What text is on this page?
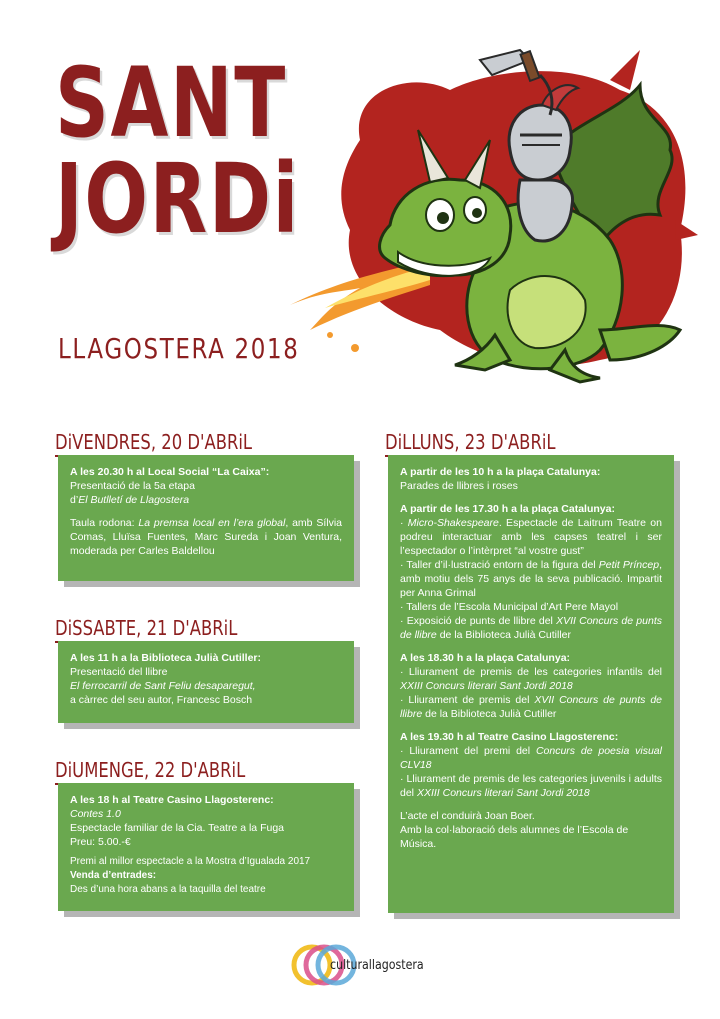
SANT
JORDi
LLAGOSTERA 2018
DiVENDRES, 20 D'ABRiL

A les 20.30 h al Local Social “La Caixa”:

Presentació de la 5a etapa

d’El Butlletí de Llagostera

Taula rodona: La premsa local en l’era global, amb Sílvia Comas, Lluïsa Fuentes, Marc Sureda i Joan Ventura, moderada per Carles Baldellou

DiSSABTE, 21 D'ABRiL

A les 11 h a la Biblioteca Julià Cutiller:

Presentació del llibre

El ferrocarril de Sant Feliu desaparegut,

a càrrec del seu autor, Francesc Bosch

DiUMENGE, 22 D'ABRiL

A les 18 h al Teatre Casino Llagosterenc:

Contes 1.0

Espectacle familiar de la Cia. Teatre a la Fuga

Preu: 5.00.-€

Premi al millor espectacle a la Mostra d’Igualada 2017

Venda d’entrades:

Des d’una hora abans a la taquilla del teatre

DiLLUNS, 23 D'ABRiL

A partir de les 10 h a la plaça Catalunya:

Parades de llibres i roses

A partir de les 17.30 h a la plaça Catalunya:

· Micro-Shakespeare. Espectacle de Laitrum Teatre on podreu interactuar amb les capses teatrel i ser l’espectador o l’intèrpret “al vostre gust”

· Taller d’il·lustració entorn de la figura del Petit Príncep, amb motiu dels 75 anys de la seva publicació. Impartit per Anna Grimal

· Tallers de l’Escola Municipal d’Art Pere Mayol

· Exposició de punts de llibre del XVII Concurs de punts de llibre de la Biblioteca Julià Cutiller

A les 18.30 h a la plaça Catalunya:

· Lliurament de premis de les categories infantils del XXIII Concurs literari Sant Jordi 2018

· Lliurament de premis del XVII Concurs de punts de llibre de la Biblioteca Julià Cutiller

A les 19.30 h al Teatre Casino Llagosterenc:

· Lliurament del premi del Concurs de poesia visual CLV18

· Lliurament de premis de les categories juvenils i adults del XXIII Concurs literari Sant Jordi 2018

L’acte el conduirà Joan Boer.

Amb la col·laboració dels alumnes de l’Escola de Música.

culturallagostera
